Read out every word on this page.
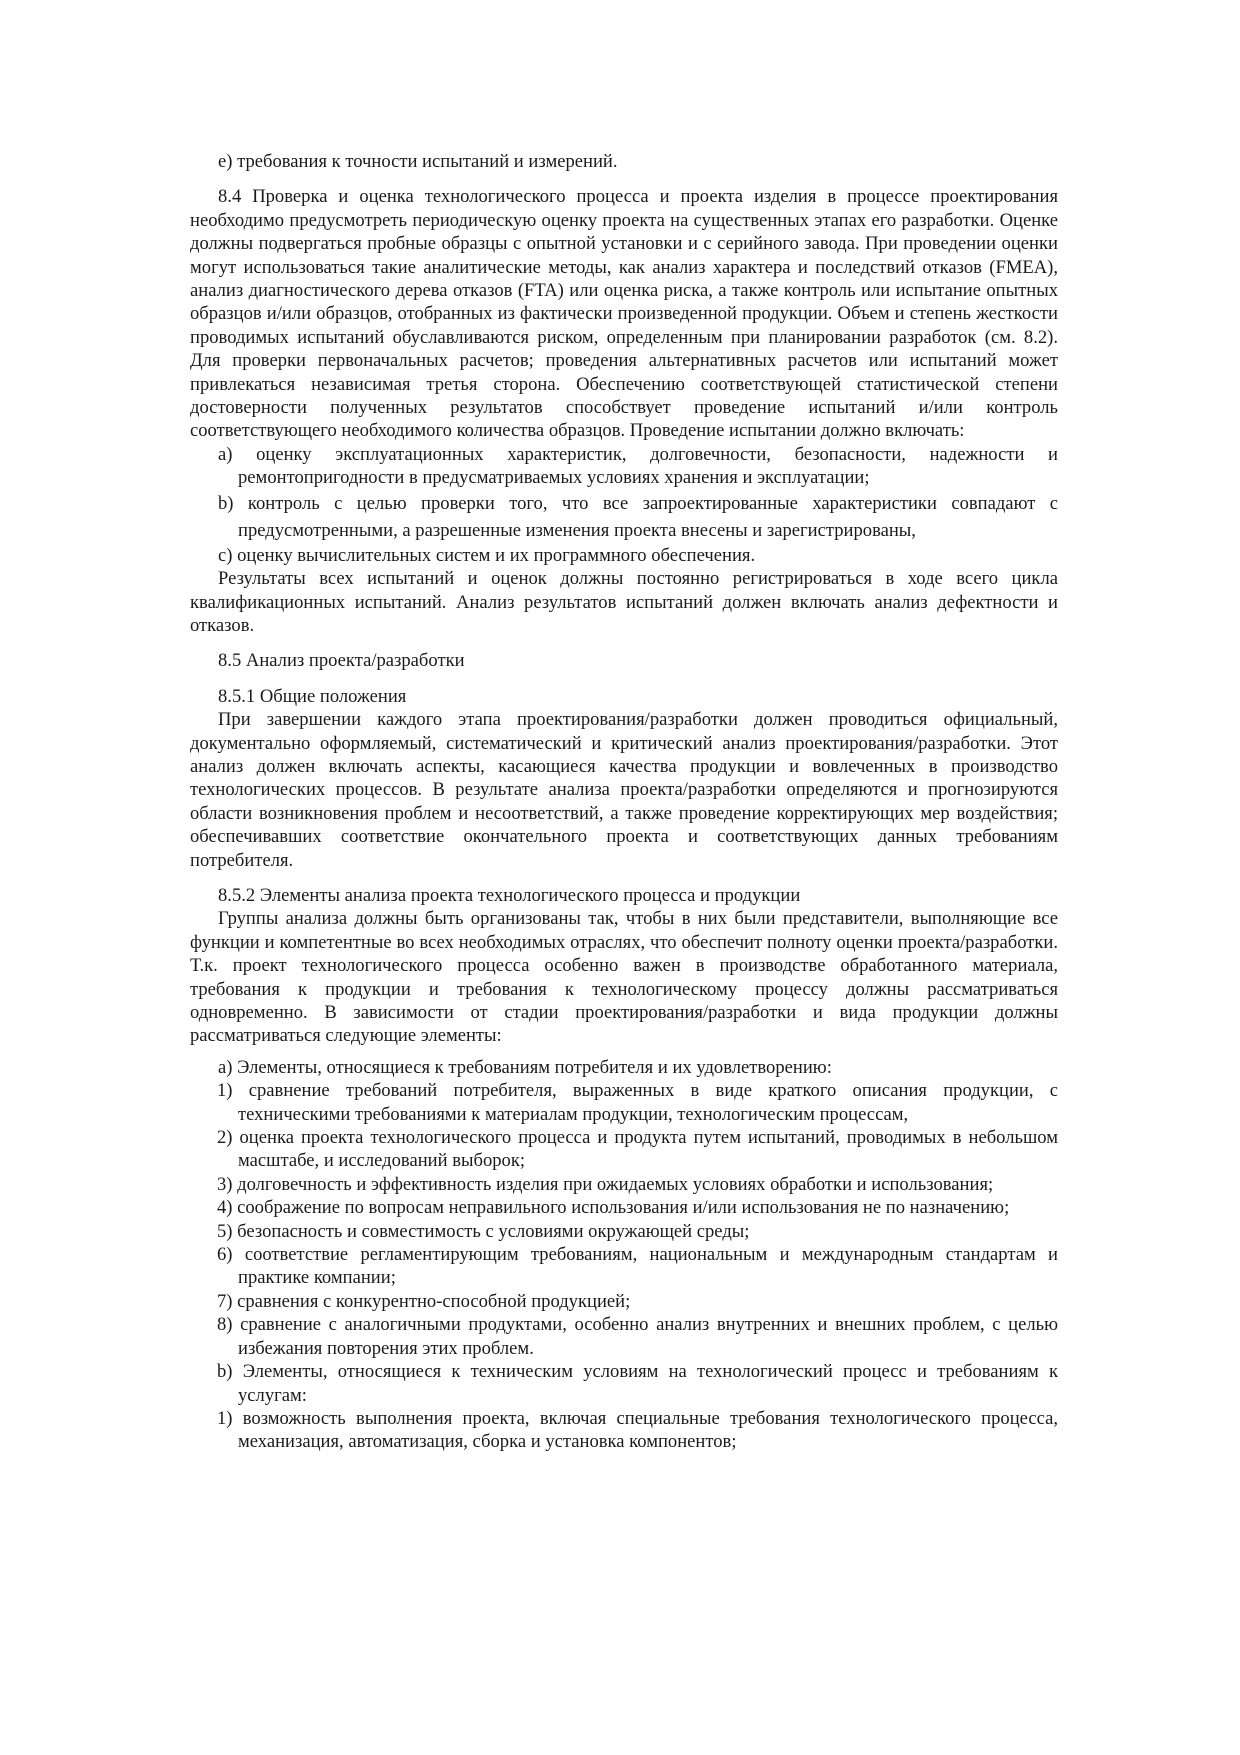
e) требования к точности испытаний и измерений.

8.4 Проверка и оценка технологического процесса и проекта изделия в процессе проектирования необходимо предусмотреть периодическую оценку проекта на существенных этапах его разработки. Оценке должны подвергаться пробные образцы с опытной установки и с серийного завода. При проведении оценки могут использоваться такие аналитические методы, как анализ характера и последствий отказов (FMEA), анализ диагностического дерева отказов (FTA) или оценка риска, а также контроль или испытание опытных образцов и/или образцов, отобранных из фактически произведенной продукции. Объем и степень жесткости проводимых испытаний обуславливаются риском, определенным при планировании разработок (см. 8.2). Для проверки первоначальных расчетов; проведения альтернативных расчетов или испытаний может привлекаться независимая третья сторона. Обеспечению соответствующей статистической степени достоверности полученных результатов способствует проведение испытаний и/или контроль соответствующего необходимого количества образцов. Проведение испытании должно включать:

a) оценку эксплуатационных характеристик, долговечности, безопасности, надежности и ремонтопригодности в предусматриваемых условиях хранения и эксплуатации;

b) контроль с целью проверки того, что все запроектированные характеристики совпадают с предусмотренными, а разрешенные изменения проекта внесены и зарегистрированы,

c) оценку вычислительных систем и их программного обеспечения.

Результаты всех испытаний и оценок должны постоянно регистрироваться в ходе всего цикла квалификационных испытаний. Анализ результатов испытаний должен включать анализ дефектности и отказов.

8.5 Анализ проекта/разработки

8.5.1 Общие положения

При завершении каждого этапа проектирования/разработки должен проводиться официальный, документально оформляемый, систематический и критический анализ проектирования/разработки. Этот анализ должен включать аспекты, касающиеся качества продукции и вовлеченных в производство технологических процессов. В результате анализа проекта/разработки определяются и прогнозируются области возникновения проблем и несоответствий, а также проведение корректирующих мер воздействия; обеспечивавших соответствие окончательного проекта и соответствующих данных требованиям потребителя.

8.5.2 Элементы анализа проекта технологического процесса и продукции

Группы анализа должны быть организованы так, чтобы в них были представители, выполняющие все функции и компетентные во всех необходимых отраслях, что обеспечит полноту оценки проекта/разработки. Т.к. проект технологического процесса особенно важен в производстве обработанного материала, требования к продукции и требования к технологическому процессу должны рассматриваться одновременно. В зависимости от стадии проектирования/разработки и вида продукции должны рассматриваться следующие элементы:

a) Элементы, относящиеся к требованиям потребителя и их удовлетворению:

1) сравнение требований потребителя, выраженных в виде краткого описания продукции, с техническими требованиями к материалам продукции, технологическим процессам,

2) оценка проекта технологического процесса и продукта путем испытаний, проводимых в небольшом масштабе, и исследований выборок;

3) долговечность и эффективность изделия при ожидаемых условиях обработки и использования;

4) соображение по вопросам неправильного использования и/или использования не по назначению;

5) безопасность и совместимость с условиями окружающей среды;

6) соответствие регламентирующим требованиям, национальным и международным стандартам и практике компании;

7) сравнения с конкурентно-способной продукцией;

8) сравнение с аналогичными продуктами, особенно анализ внутренних и внешних проблем, с целью избежания повторения этих проблем.

b) Элементы, относящиеся к техническим условиям на технологический процесс и требованиям к услугам:

1) возможность выполнения проекта, включая специальные требования технологического процесса, механизация, автоматизация, сборка и установка компонентов;
